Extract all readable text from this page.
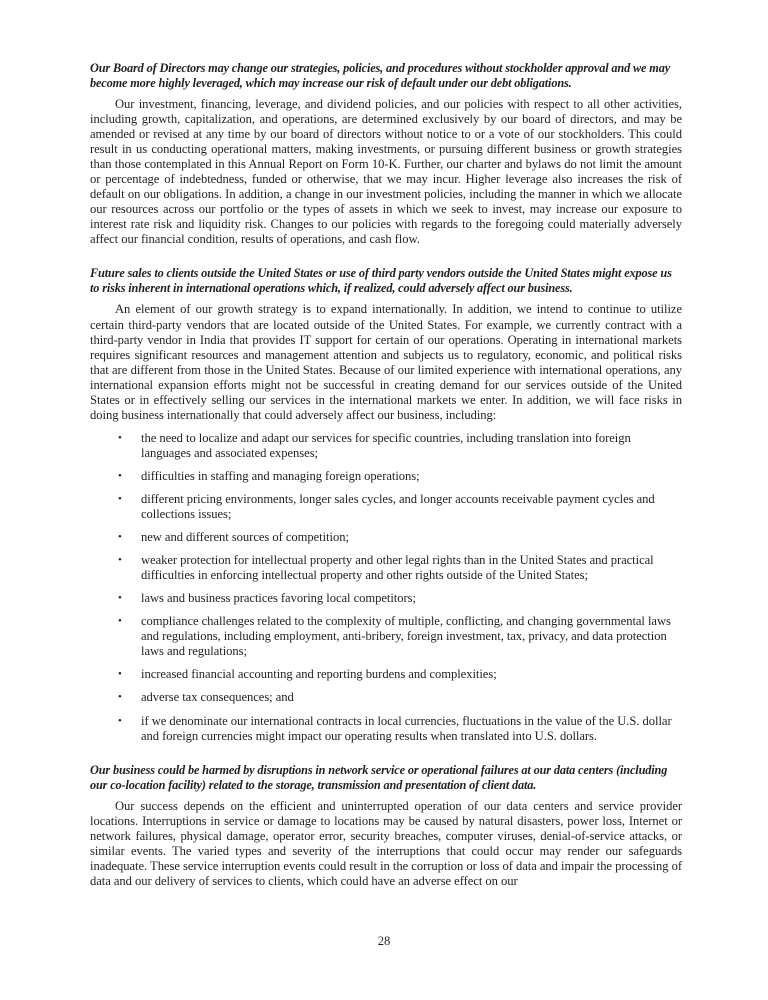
Our Board of Directors may change our strategies, policies, and procedures without stockholder approval and we may become more highly leveraged, which may increase our risk of default under our debt obligations.

Our investment, financing, leverage, and dividend policies, and our policies with respect to all other activities, including growth, capitalization, and operations, are determined exclusively by our board of directors, and may be amended or revised at any time by our board of directors without notice to or a vote of our stockholders. This could result in us conducting operational matters, making investments, or pursuing different business or growth strategies than those contemplated in this Annual Report on Form 10-K. Further, our charter and bylaws do not limit the amount or percentage of indebtedness, funded or otherwise, that we may incur. Higher leverage also increases the risk of default on our obligations. In addition, a change in our investment policies, including the manner in which we allocate our resources across our portfolio or the types of assets in which we seek to invest, may increase our exposure to interest rate risk and liquidity risk. Changes to our policies with regards to the foregoing could materially adversely affect our financial condition, results of operations, and cash flow.

Future sales to clients outside the United States or use of third party vendors outside the United States might expose us to risks inherent in international operations which, if realized, could adversely affect our business.

An element of our growth strategy is to expand internationally. In addition, we intend to continue to utilize certain third-party vendors that are located outside of the United States. For example, we currently contract with a third-party vendor in India that provides IT support for certain of our operations. Operating in international markets requires significant resources and management attention and subjects us to regulatory, economic, and political risks that are different from those in the United States. Because of our limited experience with international operations, any international expansion efforts might not be successful in creating demand for our services outside of the United States or in effectively selling our services in the international markets we enter. In addition, we will face risks in doing business internationally that could adversely affect our business, including:

• the need to localize and adapt our services for specific countries, including translation into foreign languages and associated expenses;
• difficulties in staffing and managing foreign operations;
• different pricing environments, longer sales cycles, and longer accounts receivable payment cycles and collections issues;
• new and different sources of competition;
• weaker protection for intellectual property and other legal rights than in the United States and practical difficulties in enforcing intellectual property and other rights outside of the United States;
• laws and business practices favoring local competitors;
• compliance challenges related to the complexity of multiple, conflicting, and changing governmental laws and regulations, including employment, anti-bribery, foreign investment, tax, privacy, and data protection laws and regulations;
• increased financial accounting and reporting burdens and complexities;
• adverse tax consequences; and
• if we denominate our international contracts in local currencies, fluctuations in the value of the U.S. dollar and foreign currencies might impact our operating results when translated into U.S. dollars.

Our business could be harmed by disruptions in network service or operational failures at our data centers (including our co-location facility) related to the storage, transmission and presentation of client data.

Our success depends on the efficient and uninterrupted operation of our data centers and service provider locations. Interruptions in service or damage to locations may be caused by natural disasters, power loss, Internet or network failures, physical damage, operator error, security breaches, computer viruses, denial-of-service attacks, or similar events. The varied types and severity of the interruptions that could occur may render our safeguards inadequate. These service interruption events could result in the corruption or loss of data and impair the processing of data and our delivery of services to clients, which could have an adverse effect on our

28
